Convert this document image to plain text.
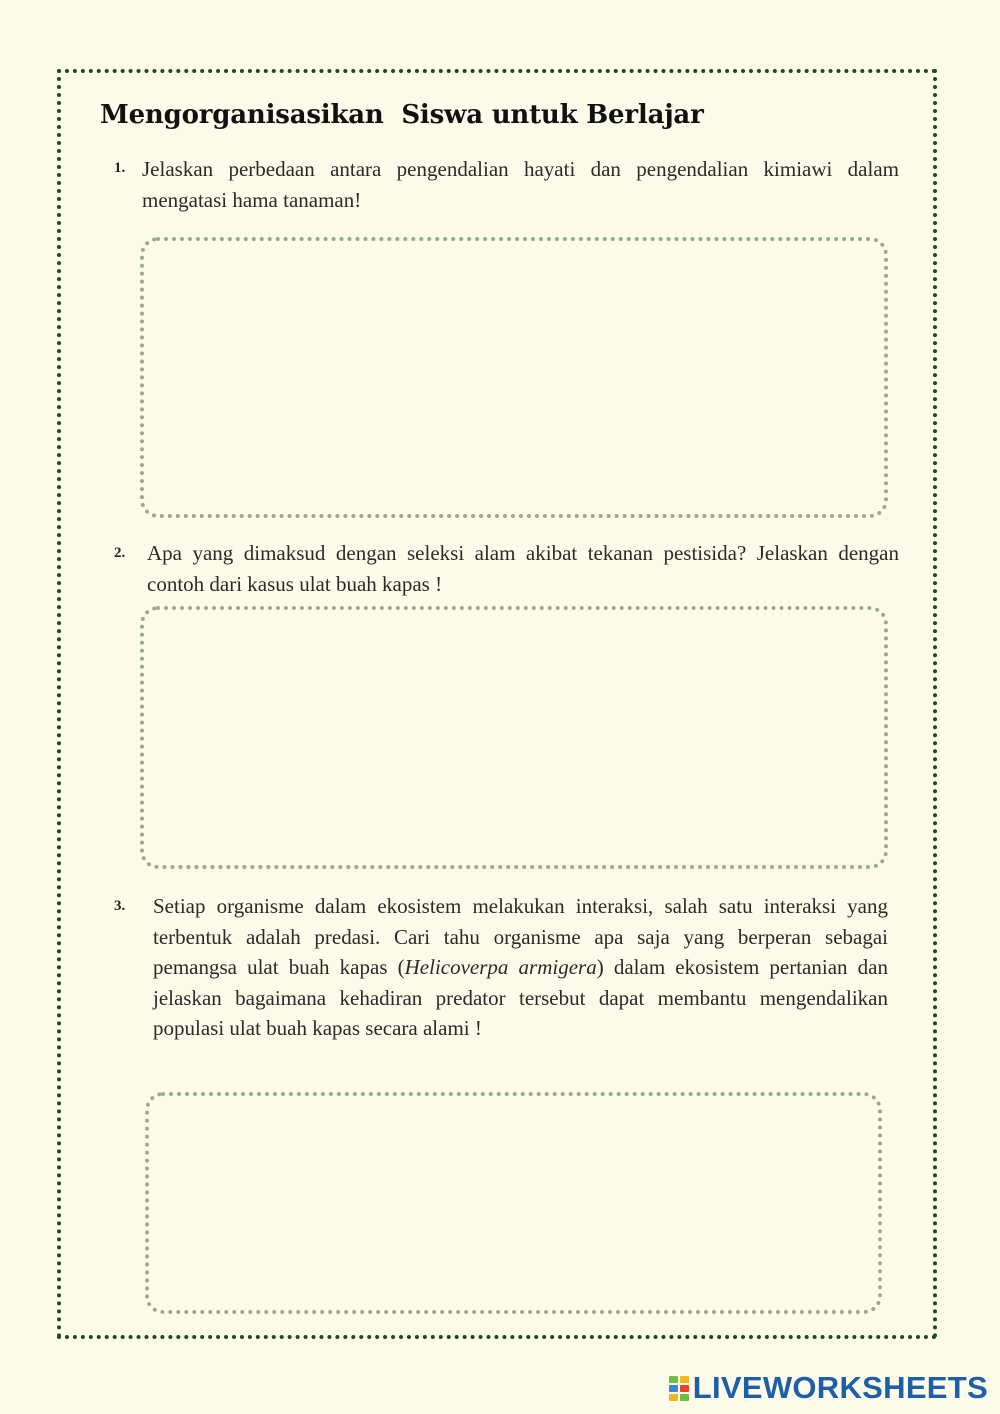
Mengorganisasikan  Siswa untuk Berlajar
1. Jelaskan perbedaan antara pengendalian hayati dan pengendalian kimiawi dalam mengatasi hama tanaman!
2. Apa yang dimaksud dengan seleksi alam akibat tekanan pestisida? Jelaskan dengan contoh dari kasus ulat buah kapas !
3. Setiap organisme dalam ekosistem melakukan interaksi, salah satu interaksi yang terbentuk adalah predasi. Cari tahu organisme apa saja yang berperan sebagai pemangsa ulat buah kapas (Helicoverpa armigera) dalam ekosistem pertanian dan jelaskan bagaimana kehadiran predator tersebut dapat membantu mengendalikan populasi ulat buah kapas secara alami !
LIVEWORKSHEETS
